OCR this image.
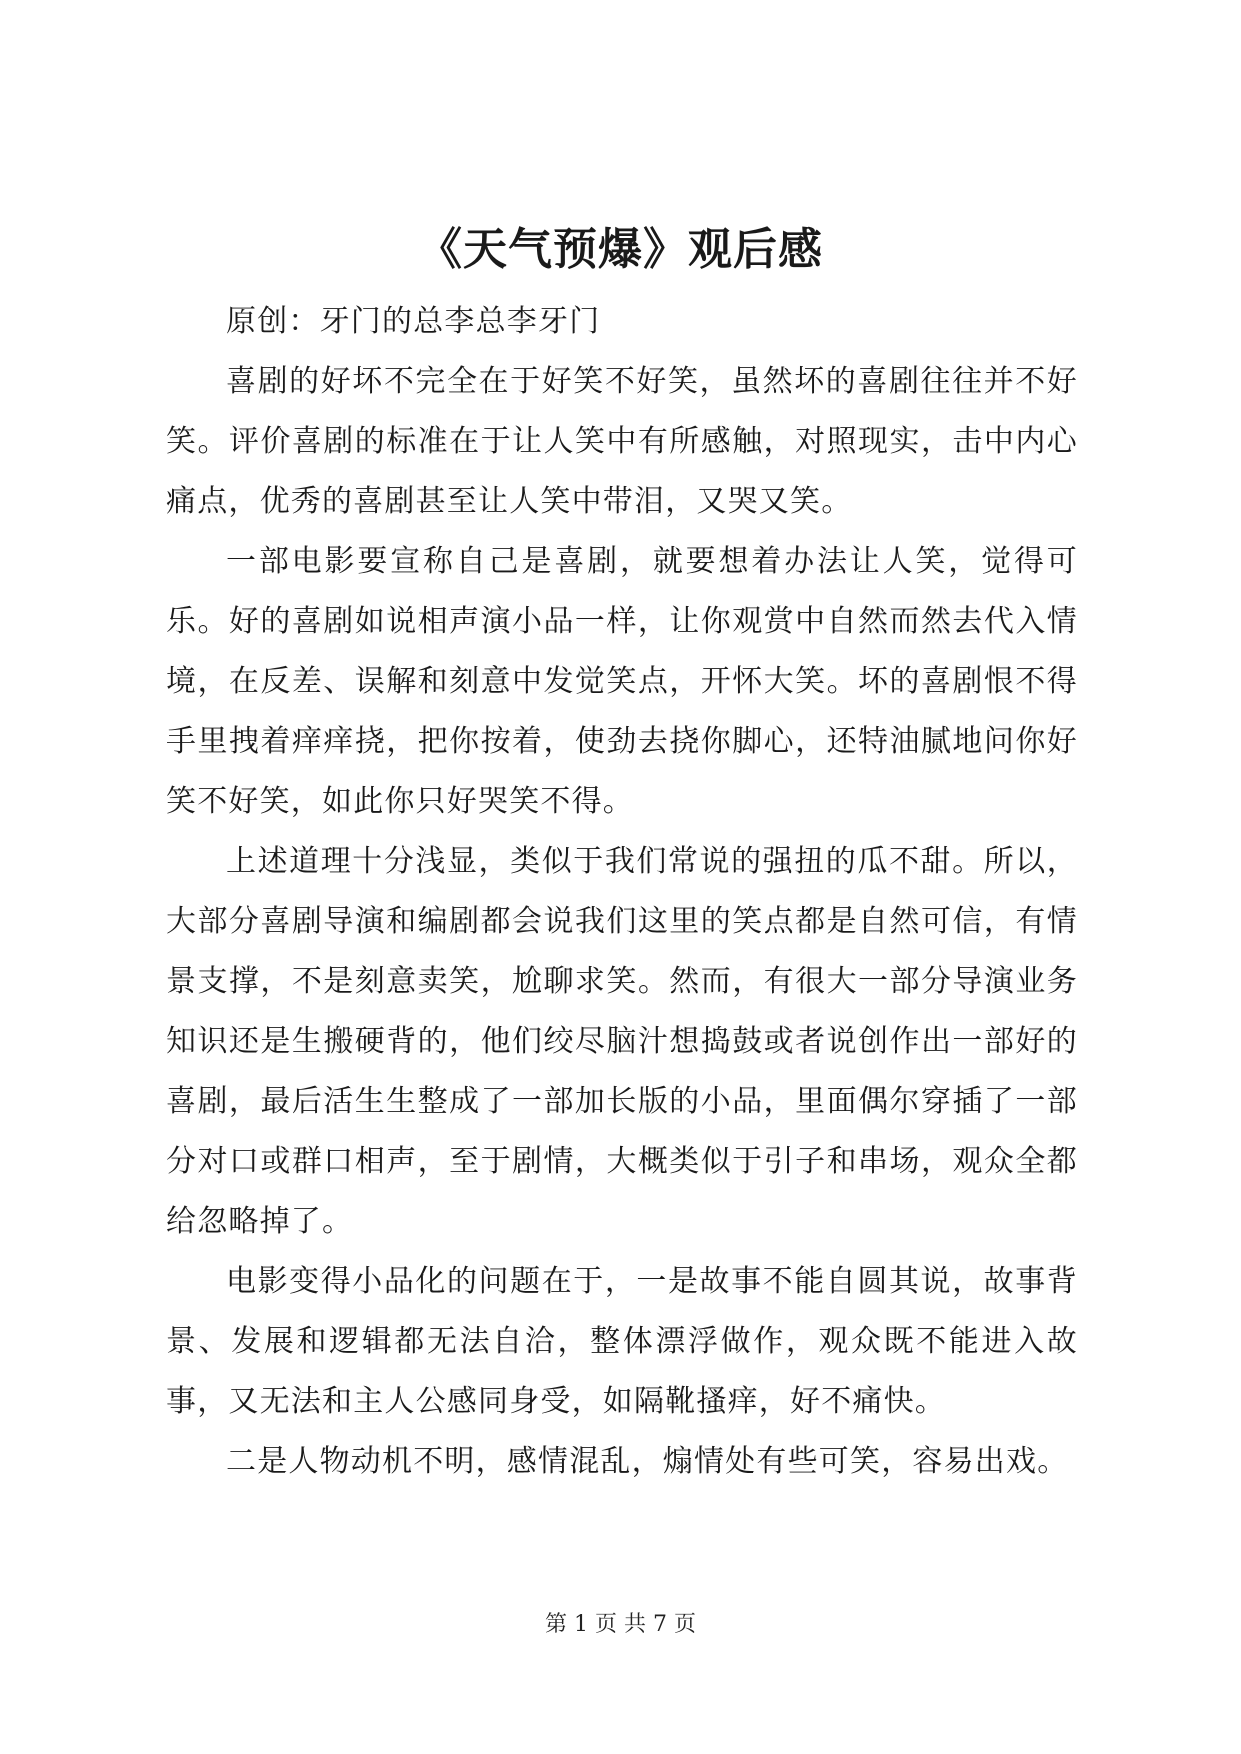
《天气预爆》观后感

原创：牙门的总李总李牙门

喜剧的好坏不完全在于好笑不好笑，虽然坏的喜剧往往并不好笑。评价喜剧的标准在于让人笑中有所感触，对照现实，击中内心痛点，优秀的喜剧甚至让人笑中带泪，又哭又笑。

一部电影要宣称自己是喜剧，就要想着办法让人笑，觉得可乐。好的喜剧如说相声演小品一样，让你观赏中自然而然去代入情境，在反差、误解和刻意中发觉笑点，开怀大笑。坏的喜剧恨不得手里拽着痒痒挠，把你按着，使劲去挠你脚心，还特油腻地问你好笑不好笑，如此你只好哭笑不得。

上述道理十分浅显，类似于我们常说的强扭的瓜不甜。所以，大部分喜剧导演和编剧都会说我们这里的笑点都是自然可信，有情景支撑，不是刻意卖笑，尬聊求笑。然而，有很大一部分导演业务知识还是生搬硬背的，他们绞尽脑汁想捣鼓或者说创作出一部好的喜剧，最后活生生整成了一部加长版的小品，里面偶尔穿插了一部分对口或群口相声，至于剧情，大概类似于引子和串场，观众全都给忽略掉了。

电影变得小品化的问题在于，一是故事不能自圆其说，故事背景、发展和逻辑都无法自洽，整体漂浮做作，观众既不能进入故事，又无法和主人公感同身受，如隔靴搔痒，好不痛快。

二是人物动机不明，感情混乱，煽情处有些可笑，容易出戏。

第 1 页 共 7 页
